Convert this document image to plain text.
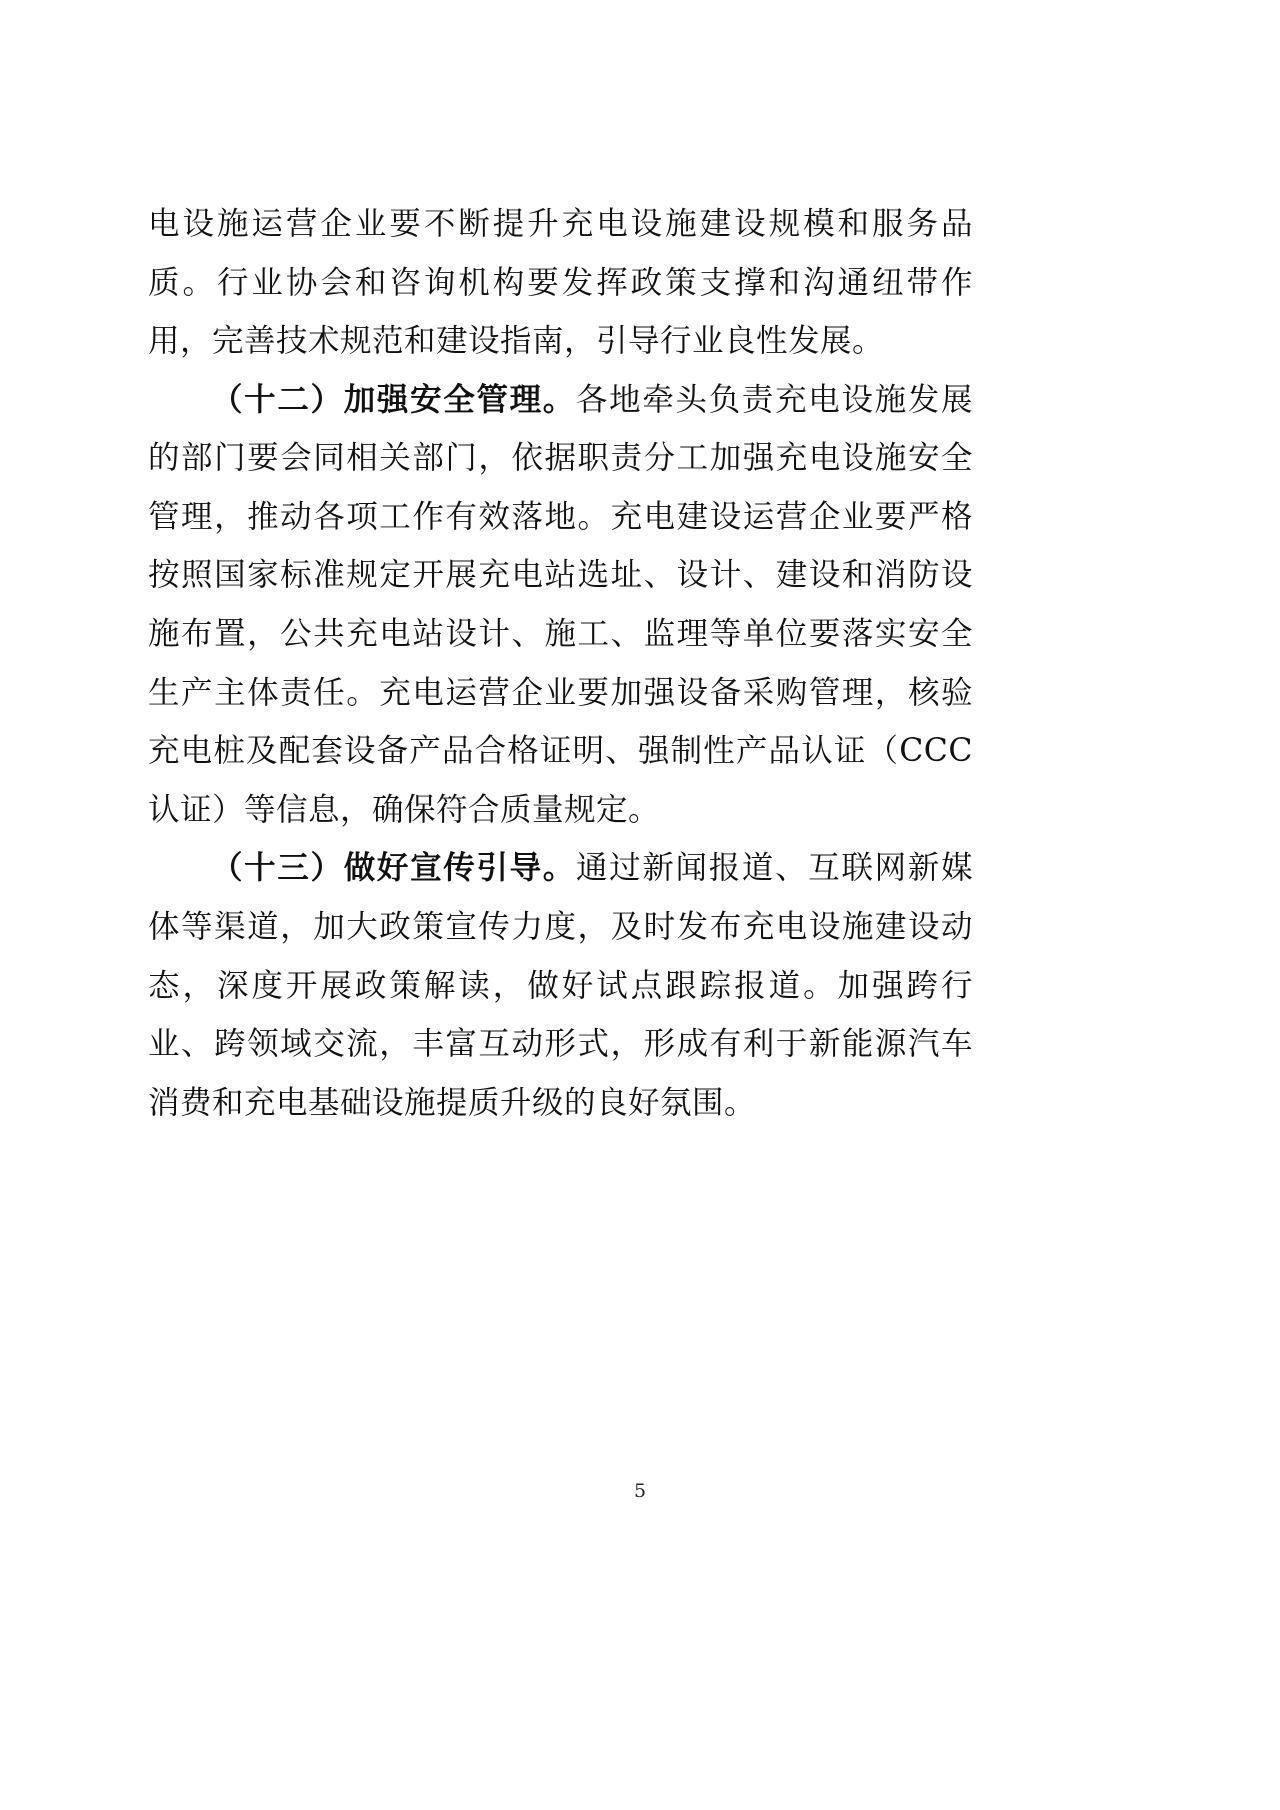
电设施运营企业要不断提升充电设施建设规模和服务品质。行业协会和咨询机构要发挥政策支撑和沟通纽带作用，完善技术规范和建设指南，引导行业良性发展。

（十二）加强安全管理。各地牵头负责充电设施发展的部门要会同相关部门，依据职责分工加强充电设施安全管理，推动各项工作有效落地。充电建设运营企业要严格按照国家标准规定开展充电站选址、设计、建设和消防设施布置，公共充电站设计、施工、监理等单位要落实安全生产主体责任。充电运营企业要加强设备采购管理，核验充电桩及配套设备产品合格证明、强制性产品认证（CCC 认证）等信息，确保符合质量规定。

（十三）做好宣传引导。通过新闻报道、互联网新媒体等渠道，加大政策宣传力度，及时发布充电设施建设动态，深度开展政策解读，做好试点跟踪报道。加强跨行业、跨领域交流，丰富互动形式，形成有利于新能源汽车消费和充电基础设施提质升级的良好氛围。

5
